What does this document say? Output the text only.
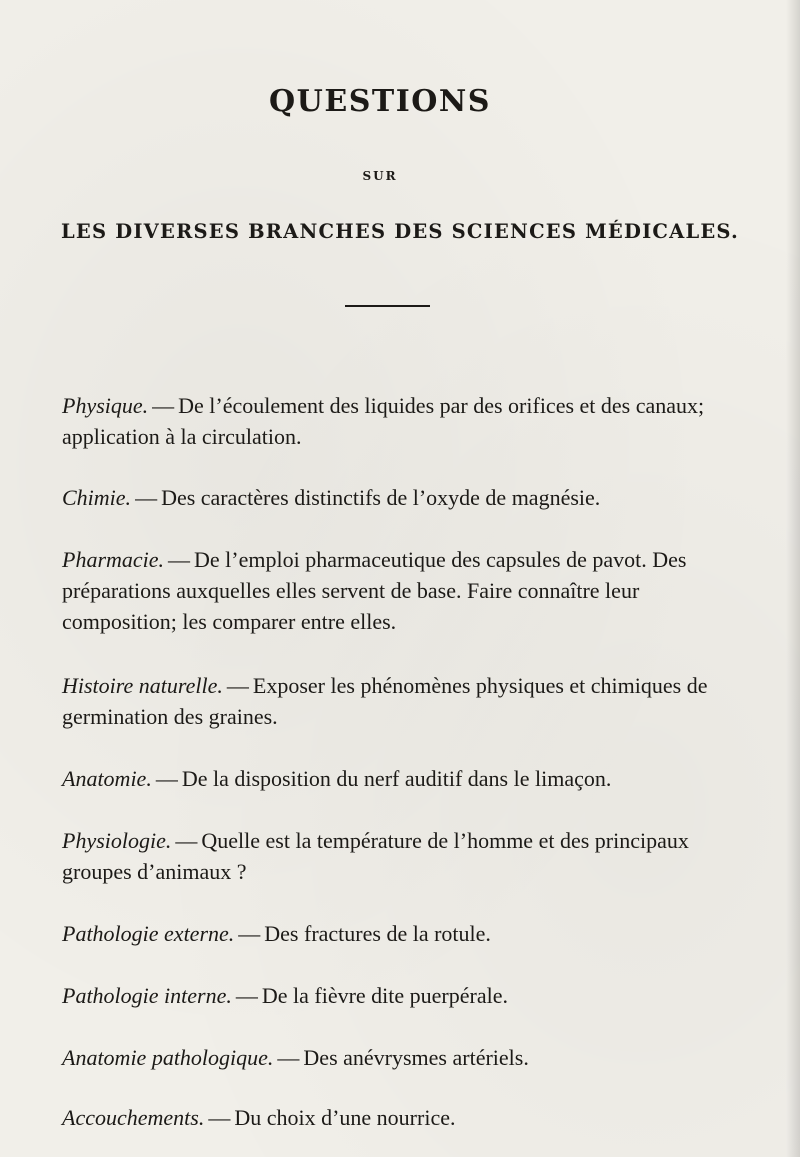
QUESTIONS
SUR
LES DIVERSES BRANCHES DES SCIENCES MÉDICALES.

Physique. — De l’écoulement des liquides par des orifices et des canaux; application à la circulation.

Chimie. — Des caractères distinctifs de l’oxyde de magnésie.

Pharmacie. — De l’emploi pharmaceutique des capsules de pavot. Des préparations auxquelles elles servent de base. Faire connaître leur composition; les comparer entre elles.

Histoire naturelle. — Exposer les phénomènes physiques et chimiques de germination des graines.

Anatomie. — De la disposition du nerf auditif dans le limaçon.

Physiologie. — Quelle est la température de l’homme et des principaux groupes d’animaux ?

Pathologie externe. — Des fractures de la rotule.

Pathologie interne. — De la fièvre dite puerpérale.

Anatomie pathologique. — Des anévrysmes artériels.

Accouchements. — Du choix d’une nourrice.
